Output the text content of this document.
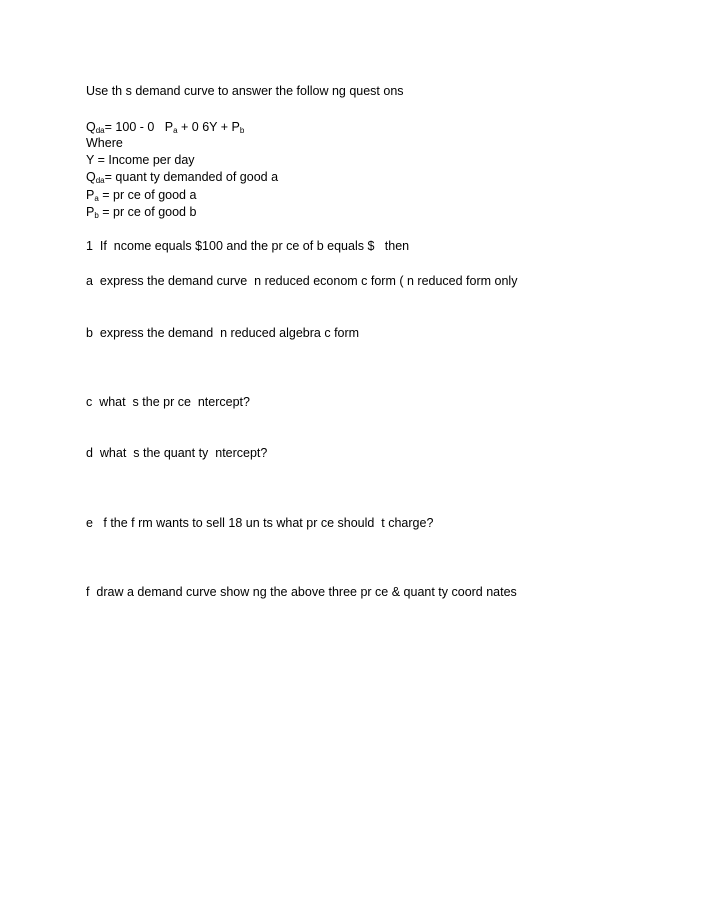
Use th s demand curve to answer the follow ng quest ons
$Q_{da}= 100 - 0$   $P_a + 0$ $6Y + P_b$
Where
Y = Income per day
$Q_{da}=$ quant ty demanded of good a
$P_a$ = pr ce of good a
$P_b$ = pr ce of good b
1  If  ncome equals $100 and the pr ce of b equals $   then
a  express the demand curve  n reduced econom c form ( n reduced form only
b  express the demand  n reduced algebra c form
c  what  s the pr ce  ntercept?
d  what  s the quant ty  ntercept?
e   f the f rm wants to sell 18 un ts what pr ce should  t charge?
f  draw a demand curve show ng the above three pr ce & quant ty coord nates
